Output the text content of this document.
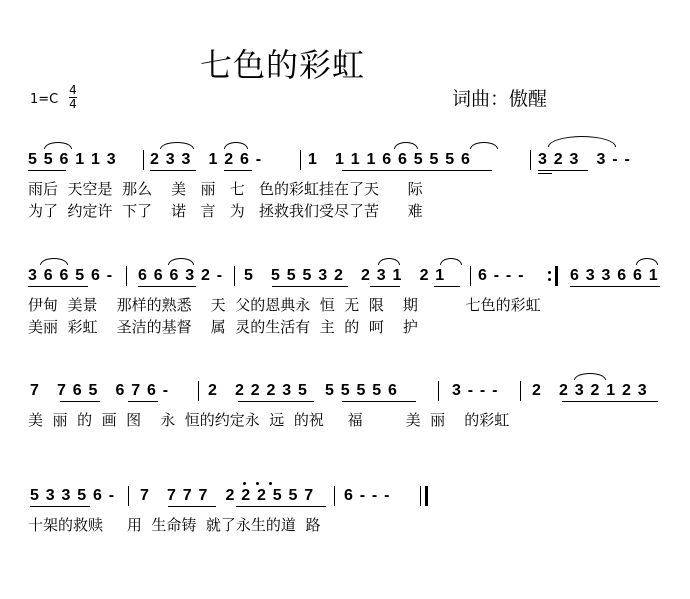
七色的彩虹
词曲：傲醒
1=C
4
4
5 5 6 1 1 3 2 3 3   1 2 6 -	1   1 1 1 6 6 5 5 5 6	3 2 3   3 - -
雨后  天空是  那么    美   丽   七   色的彩虹挂在了天      际
为了  约定许  下了    诺   言   为   拯救我们受尽了苦      难
3 6 6 5 6 - 6 6 6 3 2 - 5   5 5 5 3 2   2 3 1   2 1 6 - - -	6 3 3 6 6 1
伊甸  美景    那样的熟悉    天  父的恩典永  恒  无  限    期          七色的彩虹
美丽  彩虹    圣洁的基督    属  灵的生活有  主  的  呵    护
7   7 6 5   6 7 6 - 2   2 2 2 3 5   5 5 5 5 6	3 - - - 2   2 3 2 1 2 3
美  丽  的  画  图    永  恒的约定永  远  的祝     福         美  丽    的彩虹
5 3 3 5 6 - 7   7 7 7   2 2 2 5 5 7 6 - - -
十架的救赎     用  生命铸  就了永生的道  路
